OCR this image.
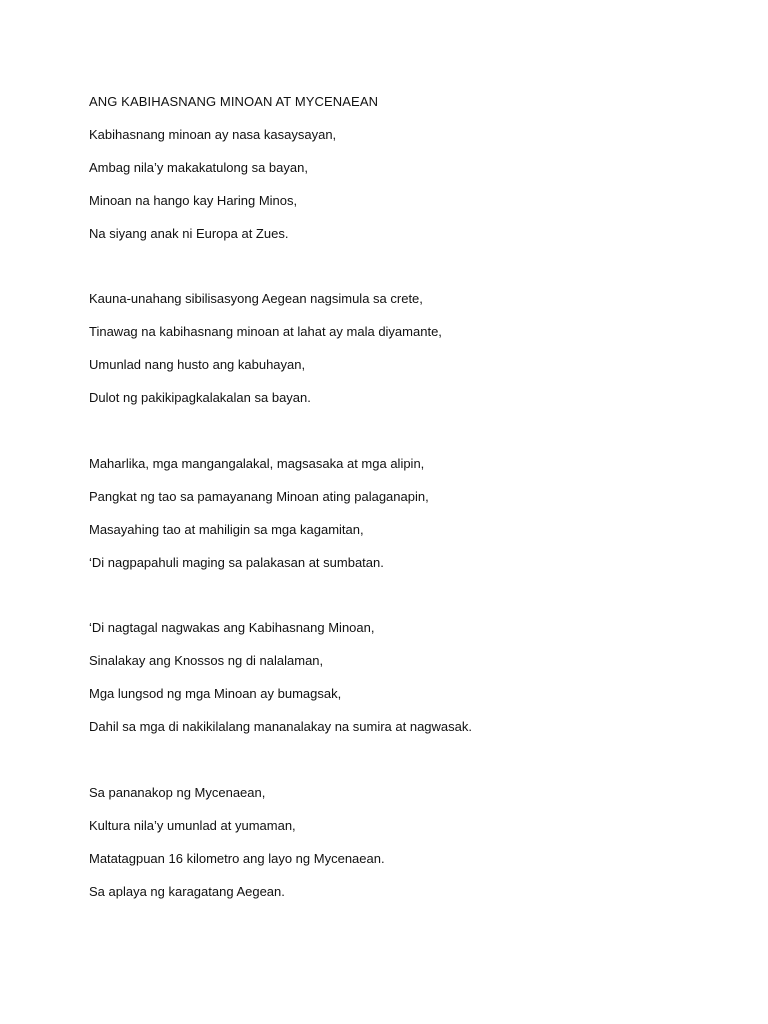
ANG KABIHASNANG MINOAN AT MYCENAEAN
Kabihasnang minoan ay nasa kasaysayan,
Ambag nila’y makakatulong sa bayan,
Minoan na hango kay Haring Minos,
Na siyang anak ni Europa at Zues.
Kauna-unahang sibilisasyong Aegean nagsimula sa crete,
Tinawag na kabihasnang minoan at lahat ay mala diyamante,
Umunlad nang husto ang kabuhayan,
Dulot ng pakikipagkalakalan sa bayan.
Maharlika, mga mangangalakal, magsasaka at mga alipin,
Pangkat ng tao sa pamayanang Minoan ating palaganapin,
Masayahing tao at mahiligin sa mga kagamitan,
‘Di nagpapahuli maging sa palakasan at sumbatan.
‘Di nagtagal nagwakas ang Kabihasnang Minoan,
Sinalakay ang Knossos ng di nalalaman,
Mga lungsod ng mga Minoan ay bumagsak,
Dahil sa mga di nakikilalang mananalakay na sumira at nagwasak.
Sa pananakop ng Mycenaean,
Kultura nila’y umunlad at yumaman,
Matatagpuan 16 kilometro ang layo ng Mycenaean.
Sa aplaya ng karagatang Aegean.
